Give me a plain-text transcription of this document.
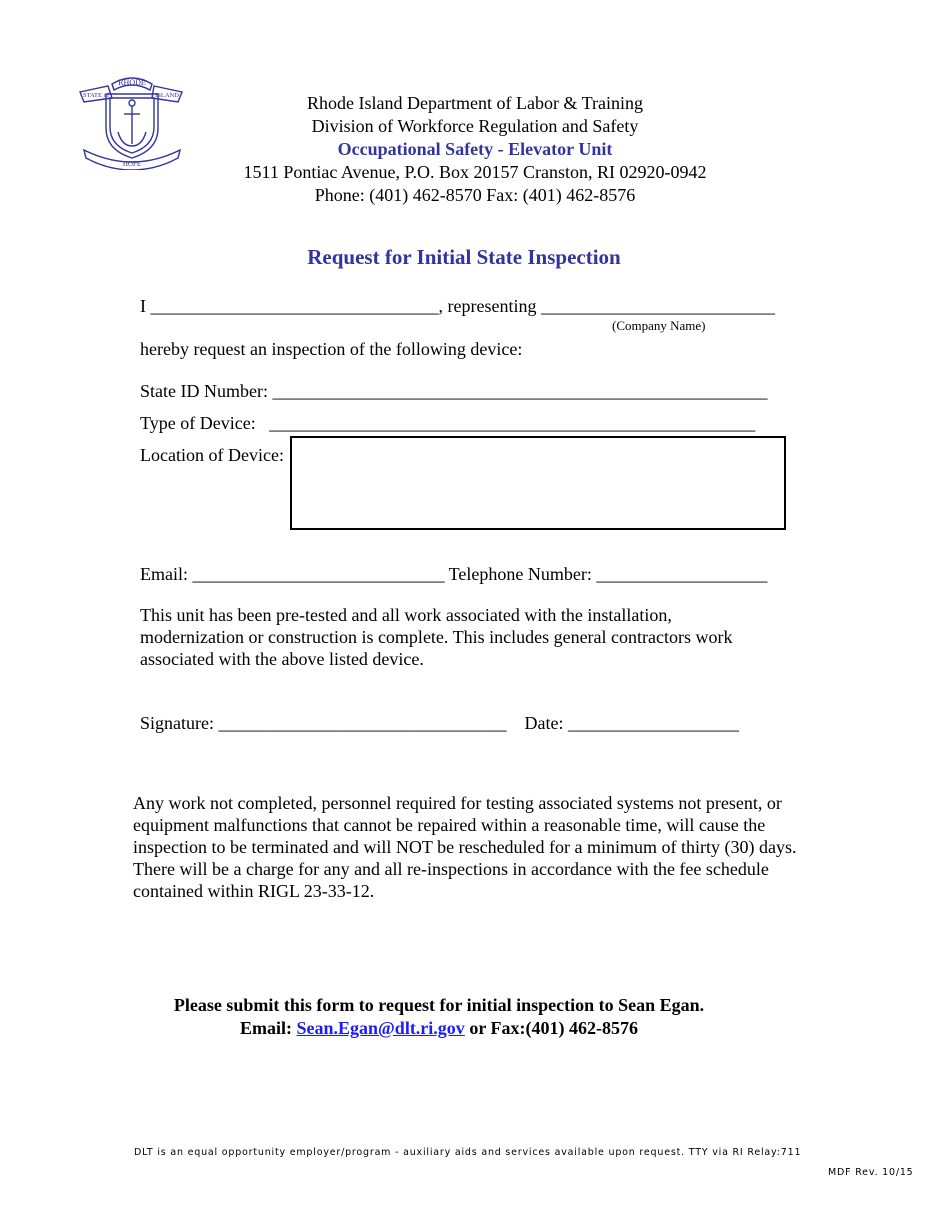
RHODE
STATE of	ISLAND
HOPE
Rhode Island Department of Labor & Training
Division of Workforce Regulation and Safety
Occupational Safety - Elevator Unit
1511 Pontiac Avenue, P.O. Box 20157 Cranston, RI 02920-0942
Phone: (401) 462-8570 Fax: (401) 462-8576
Request for Initial State Inspection
I ________________________________, representing __________________________
(Company Name)
hereby request an inspection of the following device:
State ID Number: _______________________________________________________
Type of Device:   ______________________________________________________
Location of Device:
Email: ____________________________ Telephone Number: ___________________
This unit has been pre-tested and all work associated with the installation, modernization or construction is complete. This includes general contractors work associated with the above listed device.
Signature: ________________________________    Date: ___________________
Any work not completed, personnel required for testing associated systems not present, or equipment malfunctions that cannot be repaired within a reasonable time, will cause the inspection to be terminated and will NOT be rescheduled for a minimum of thirty (30) days. There will be a charge for any and all re-inspections in accordance with the fee schedule contained within RIGL 23-33-12.
Please submit this form to request for initial inspection to Sean Egan.
Email: Sean.Egan@dlt.ri.gov or Fax:(401) 462-8576
DLT is an equal opportunity employer/program - auxiliary aids and services available upon request. TTY via RI Relay:711
MDF Rev. 10/15
